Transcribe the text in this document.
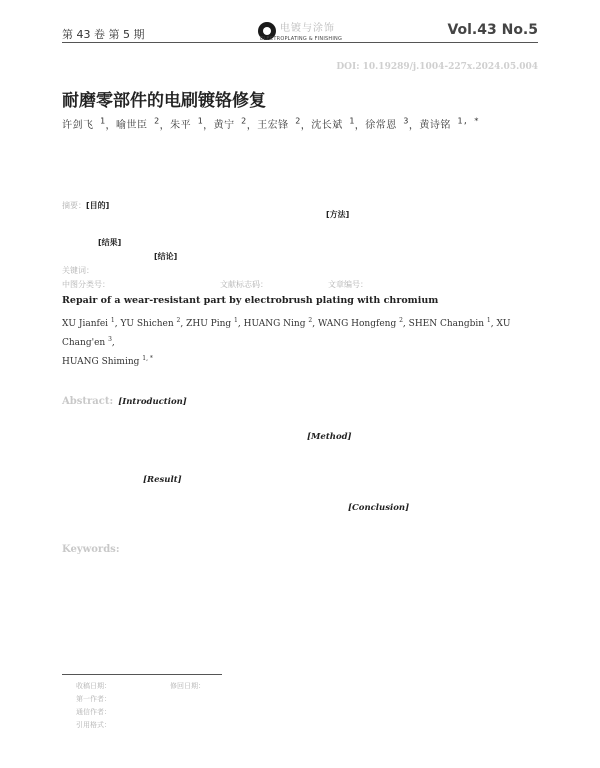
第 43 卷 第 5 期	电镀与涂饰
ELECTROPLATING & FINISHING
Vol.43 No.5
DOI: 10.19289/j.1004-227x.2024.05.004
耐磨零部件的电刷镀铬修复
许剑飞 $^1$，喻世臣 $^2$，朱平 $^1$，黄宁 $^2$，王宏锋 $^2$，沈长斌 $^1$，徐常恩 $^3$，黄诗铭 $^{1, *}$
摘要：[目的]
[方法]
[结果]
[结论]
关键词：
中图分类号：	文献标志码：	文章编号：
Repair of a wear-resistant part by electrobrush plating with chromium
XU Jianfei $^1$, YU Shichen $^2$, ZHU Ping $^1$, HUANG Ning $^2$, WANG Hongfeng $^2$, SHEN Changbin $^1$, XU Chang'en $^3$,
HUANG Shiming $^{1, *}$
Abstract: [Introduction]
[Method]
[Result]
[Conclusion]
Keywords:
收稿日期：	修回日期：
第一作者：
通信作者：
引用格式：
